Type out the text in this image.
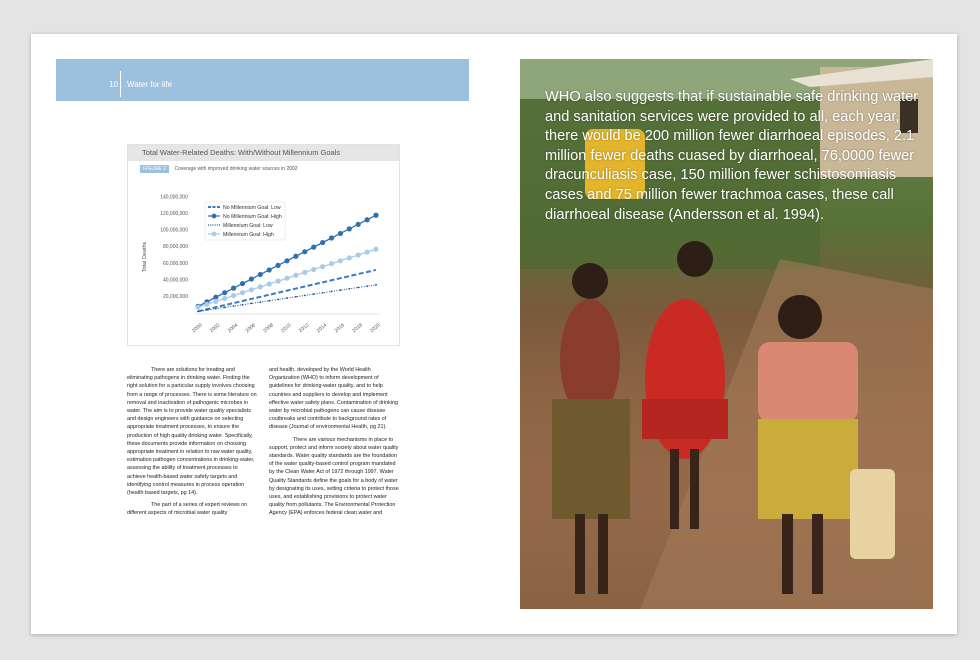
10 Water for life
Total Water-Related Deaths: With/Without Millennium Goals
FIGURE 2 Coverage with improved drinking water sources in 2002
20,000,000
40,000,000
60,000,000
80,000,000
100,000,000
120,000,000
140,000,000
2000 2002 2004 2006 2008 2010 2012 2014 2016 2018 2020
Total Deaths
No Millennium Goal: Low
No Millennium Goal: High
Millennium Goal: Low
Millennium Goal: High

There are solutions for treating and eliminating pathogens in drinking water. Finding the right solution for a particular supply involves choosing from a range of processes. There is some literature on removal and inactivation of pathogenic microbes in water. The aim is to provide water quality specialists and design engineers with guidance on selecting appropriate treatment processes, to ensure the production of high quality drinking water. Specifically, these documents provide information on choosing appropriate treatment in relation to raw water quality, estimation pathogen concentrations in drinking-water, assessing the ability of treatment processes to achieve health-based water safety targets and identifying control measures in process operation (health based targets, pg 14).

The part of a series of expert reviews on different aspects of microbial water quality

and health, developed by the World Health Organization (WHO) to inform development of guidelines for drinking-water quality, and to help countries and suppliers to develop and implement effective water safety plans. Contamination of drinking water by microbial pathogens can cause disease coutbreaks and contribute to background rates of disease (Journal of environmental Health, pg 21).

There are various mechanisms in place to support, protect and inform society about water quality standards. Water quality standards are the foundation of the water quality-based control program mandated by the Clean Water Act of 1972 through 1997. Water Quality Standards define the goals for a body of water by designating its uses, setting criteria to protect those uses, and establishing provisions to protect water quality from pollutants. The Environmental Protection Agency (EPA) enforces federal clean water and

WHO also suggests that if sustainable safe drinking water and sanitation services were provided to all, each year, there would be 200 million fewer diarrhoeal episodes, 2.1 million fewer deaths cuased by diarrhoeal, 76,0000 fewer dracunculiasis case, 150 million fewer schistosomiasis cases and 75 million fewer trachmoa cases, these call diarrhoeal disease (Andersson et al. 1994).
